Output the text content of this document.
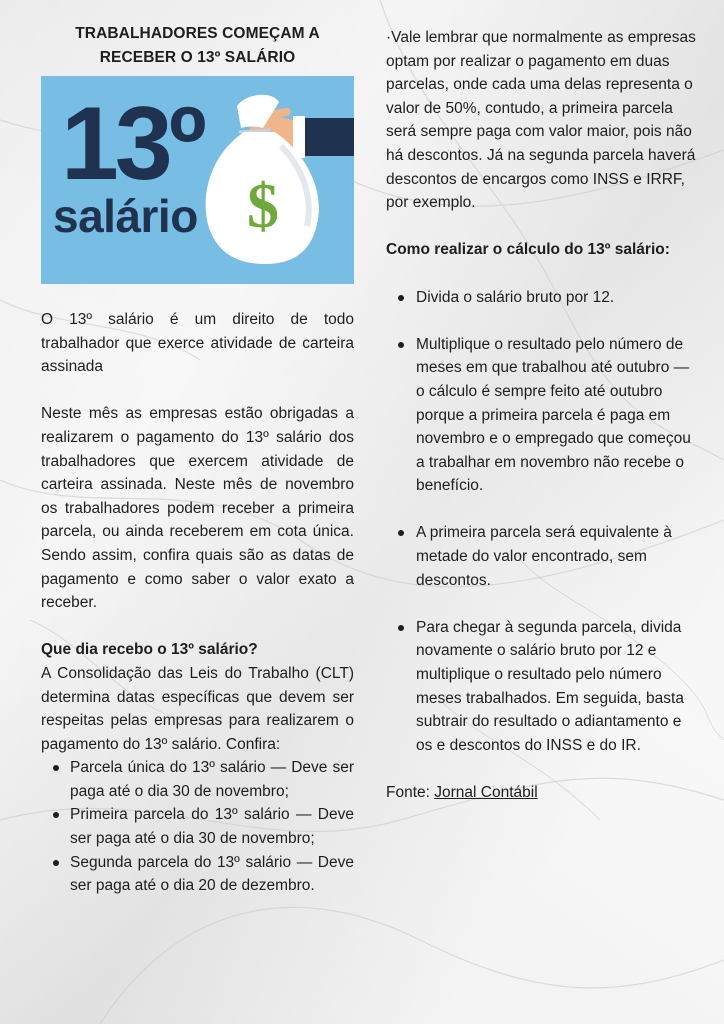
TRABALHADORES COMEÇAM A RECEBER O 13º SALÁRIO
13º
salário $

O 13º salário é um direito de todo trabalhador que exerce atividade de carteira assinada

Neste mês as empresas estão obrigadas a realizarem o pagamento do 13º salário dos trabalhadores que exercem atividade de carteira assinada. Neste mês de novembro os trabalhadores podem receber a primeira parcela, ou ainda receberem em cota única. Sendo assim, confira quais são as datas de pagamento e como saber o valor exato a receber.

Que dia recebo o 13º salário?

A Consolidação das Leis do Trabalho (CLT) determina datas específicas que devem ser respeitas pelas empresas para realizarem o pagamento do 13º salário. Confira:

Parcela única do 13º salário — Deve ser paga até o dia 30 de novembro;
Primeira parcela do 13º salário — Deve ser paga até o dia 30 de novembro;
Segunda parcela do 13º salário — Deve ser paga até o dia 20 de dezembro.

·Vale lembrar que normalmente as empresas optam por realizar o pagamento em duas parcelas, onde cada uma delas representa o valor de 50%, contudo, a primeira parcela será sempre paga com valor maior, pois não há descontos. Já na segunda parcela haverá descontos de encargos como INSS e IRRF, por exemplo.

Como realizar o cálculo do 13º salário:

Divida o salário bruto por 12.
Multiplique o resultado pelo número de meses em que trabalhou até outubro — o cálculo é sempre feito até outubro porque a primeira parcela é paga em novembro e o empregado que começou a trabalhar em novembro não recebe o benefício.
A primeira parcela será equivalente à metade do valor encontrado, sem descontos.
Para chegar à segunda parcela, divida novamente o salário bruto por 12 e multiplique o resultado pelo número meses trabalhados. Em seguida, basta subtrair do resultado o adiantamento e os e descontos do INSS e do IR.

Fonte: Jornal Contábil
